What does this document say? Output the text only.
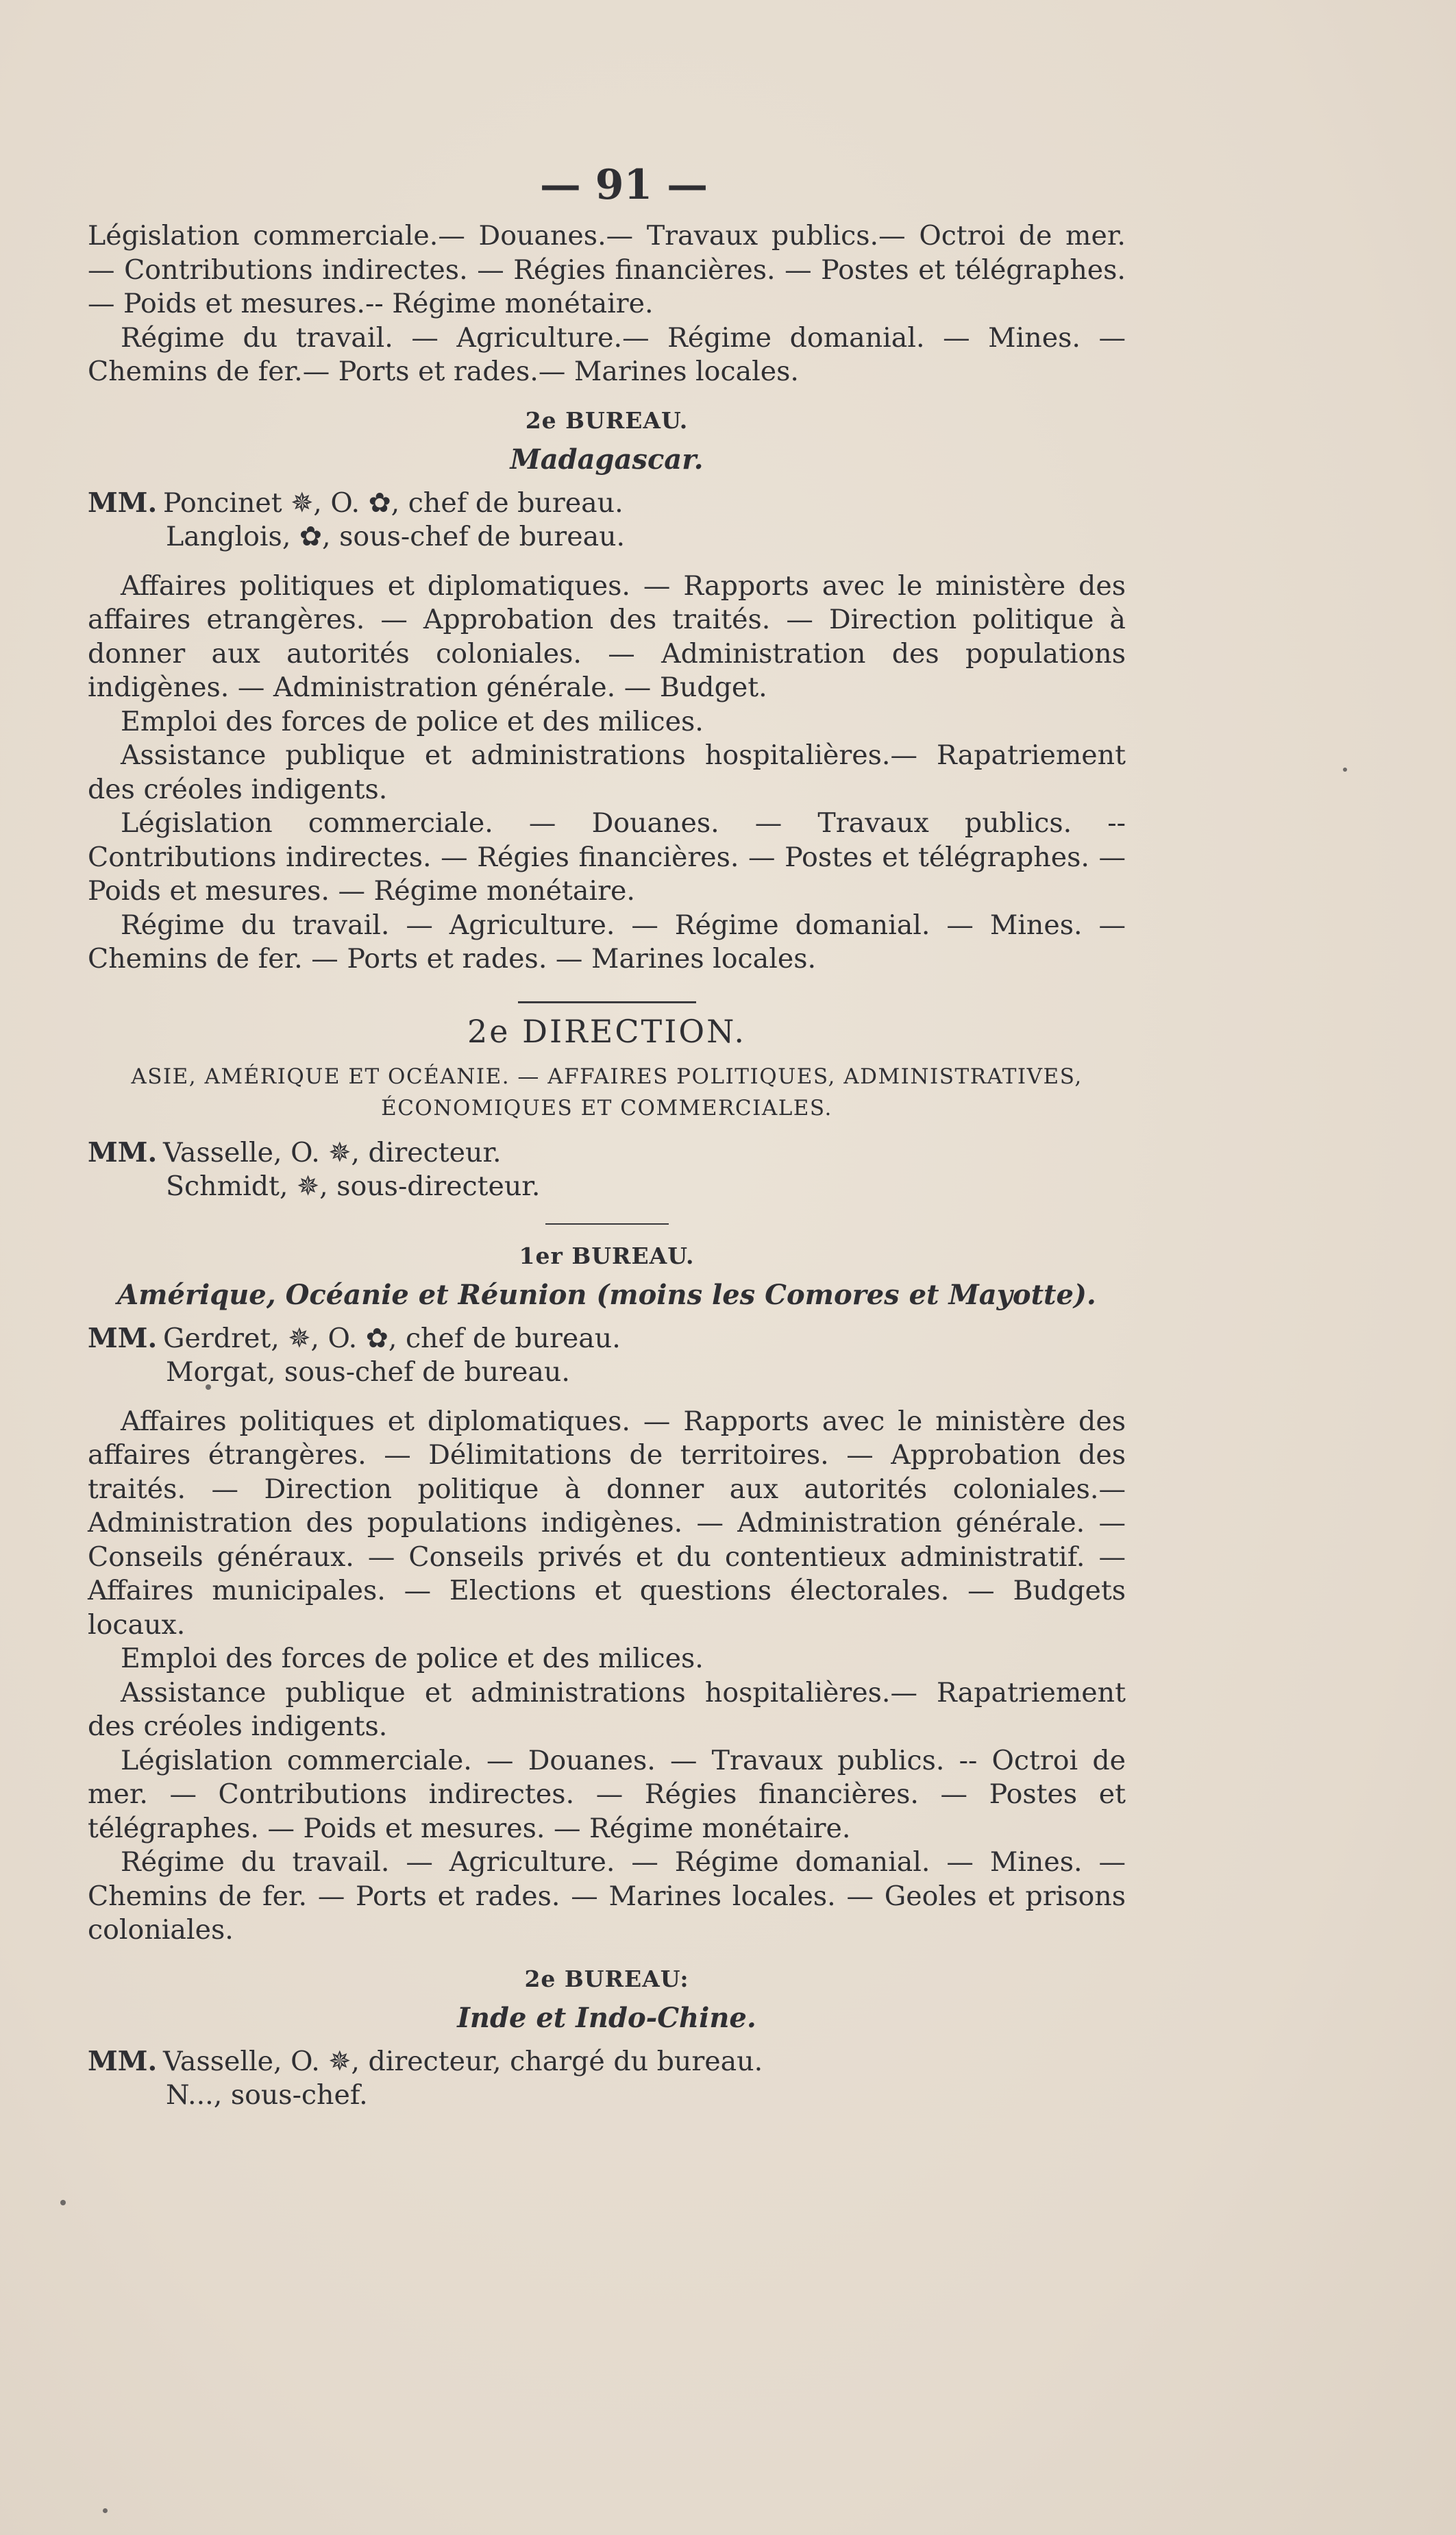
— 91 —

Législation commerciale.— Douanes.— Travaux publics.— Octroi de mer. — Contributions indirectes. — Régies financières. — Postes et télégraphes.— Poids et mesures.-- Régime monétaire.

Régime du travail. — Agriculture.— Régime domanial. — Mines. — Chemins de fer.— Ports et rades.— Marines locales.

2e BUREAU.
Madagascar.
MM. Poncinet ✵, O. ✿, chef de bureau.
Langlois, ✿, sous-chef de bureau.

Affaires politiques et diplomatiques. — Rapports avec le ministère des affaires etrangères. — Approbation des traités. — Direction politique à donner aux autorités coloniales. — Administration des populations indigènes. — Administration générale. — Budget.

Emploi des forces de police et des milices.

Assistance publique et administrations hospitalières.— Rapatriement des créoles indigents.

Législation commerciale. — Douanes. — Travaux publics. -- Contributions indirectes. — Régies financières. — Postes et télégraphes. — Poids et mesures. — Régime monétaire.

Régime du travail. — Agriculture. — Régime domanial. — Mines. — Chemins de fer. — Ports et rades. — Marines locales.

2e DIRECTION.
ASIE, AMÉRIQUE ET OCÉANIE. — AFFAIRES POLITIQUES, ADMINISTRATIVES, ÉCONOMIQUES ET COMMERCIALES.
MM. Vasselle, O. ✵, directeur.
Schmidt, ✵, sous-directeur.
1er BUREAU.
Amérique, Océanie et Réunion (moins les Comores et Mayotte).
MM. Gerdret, ✵, O. ✿, chef de bureau.
Morgat, sous-chef de bureau.

Affaires politiques et diplomatiques. — Rapports avec le ministère des affaires étrangères. — Délimitations de territoires. — Approbation des traités. — Direction politique à donner aux autorités coloniales.— Administration des populations indigènes. — Administration générale. — Conseils généraux. — Conseils privés et du contentieux administratif. — Affaires municipales. — Elections et questions électorales. — Budgets locaux.

Emploi des forces de police et des milices.

Assistance publique et administrations hospitalières.— Rapatriement des créoles indigents.

Législation commerciale. — Douanes. — Travaux publics. -- Octroi de mer. — Contributions indirectes. — Régies financières. — Postes et télégraphes. — Poids et mesures. — Régime monétaire.

Régime du travail. — Agriculture. — Régime domanial. — Mines. — Chemins de fer. — Ports et rades. — Marines locales. — Geoles et prisons coloniales.

2e BUREAU:
Inde et Indo-Chine.
MM. Vasselle, O. ✵, directeur, chargé du bureau.
N..., sous-chef.
